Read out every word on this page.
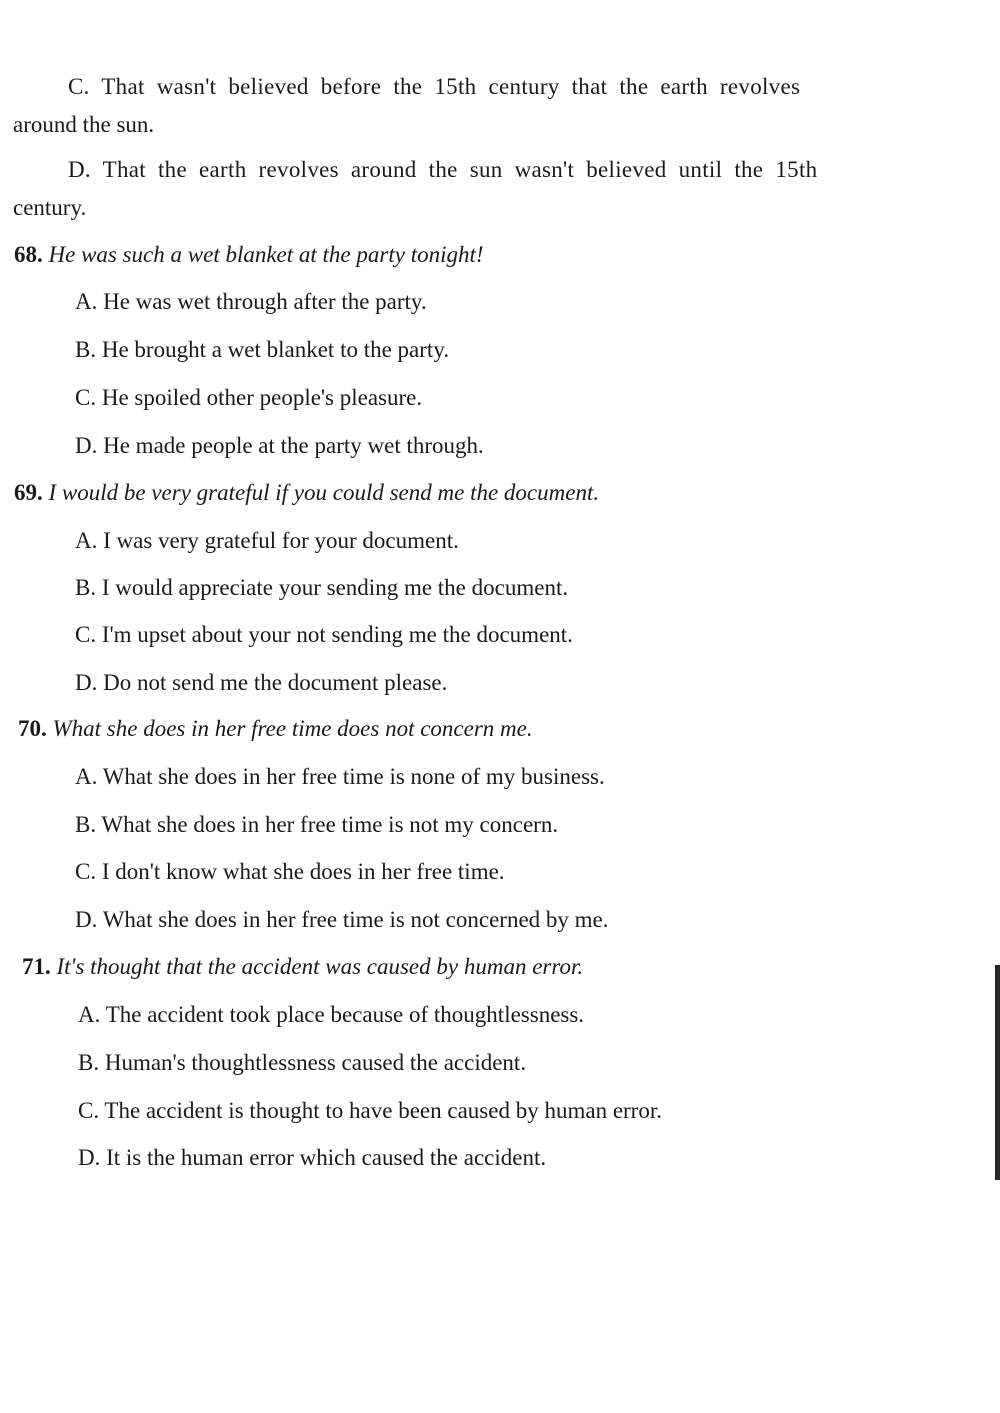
C. That wasn't believed before the 15th century that the earth revolves
around the sun.
D. That the earth revolves around the sun wasn't believed until the 15th
century.
68. He was such a wet blanket at the party tonight!
A. He was wet through after the party.
B. He brought a wet blanket to the party.
C. He spoiled other people's pleasure.
D. He made people at the party wet through.
69. I would be very grateful if you could send me the document.
A. I was very grateful for your document.
B. I would appreciate your sending me the document.
C. I'm upset about your not sending me the document.
D. Do not send me the document please.
70. What she does in her free time does not concern me.
A. What she does in her free time is none of my business.
B. What she does in her free time is not my concern.
C. I don't know what she does in her free time.
D. What she does in her free time is not concerned by me.
71. It's thought that the accident was caused by human error.
A. The accident took place because of thoughtlessness.
B. Human's thoughtlessness caused the accident.
C. The accident is thought to have been caused by human error.
D. It is the human error which caused the accident.
